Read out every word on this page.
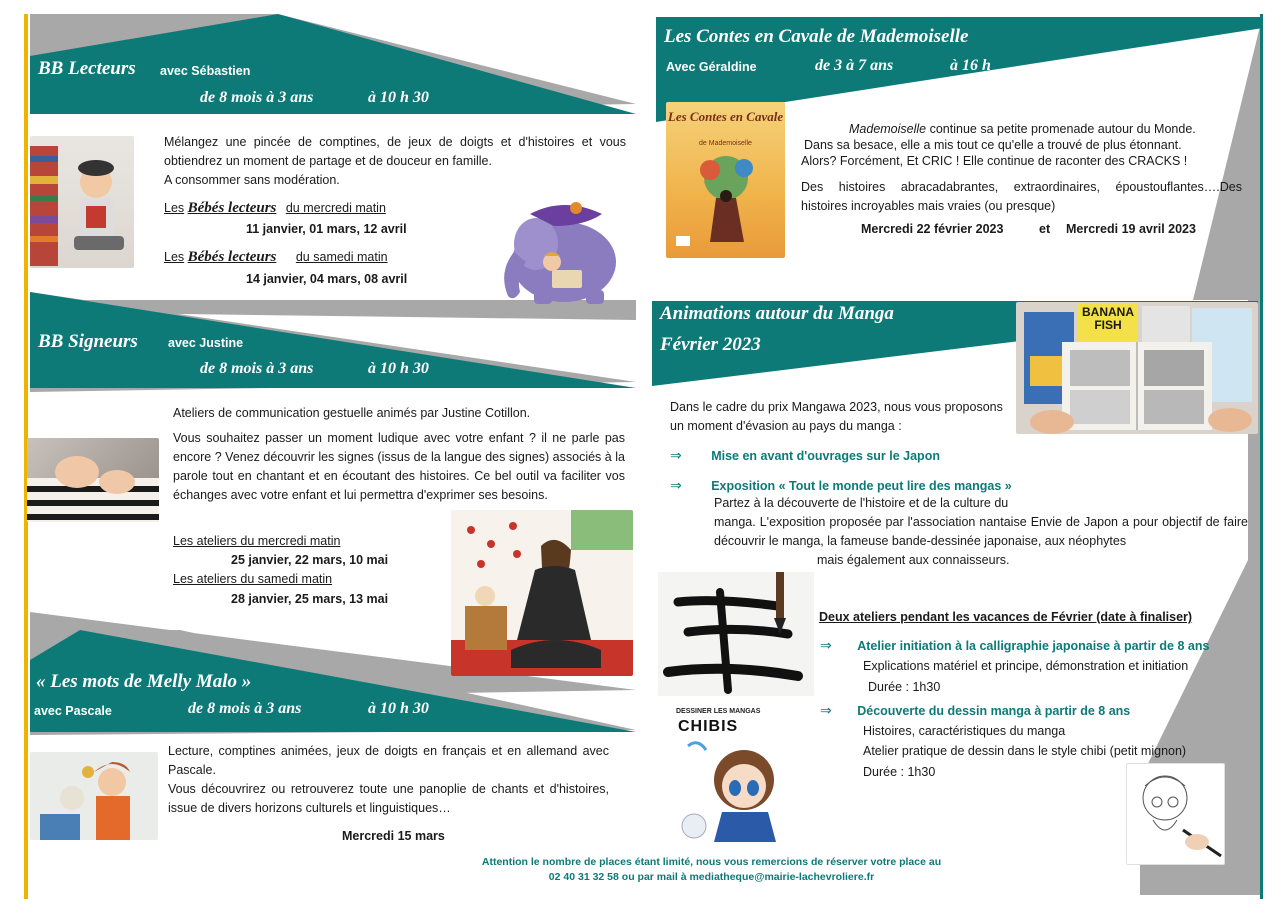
BB Lecteurs avec Sébastien
de 8 mois à 3 ans	à 10 h 30
Mélangez une pincée de comptines, de jeux de doigts et d'histoires et vous obtiendrez un moment de partage et de douceur en famille.
A consommer sans modération.
Les Bébés lecteurs du mercredi matin
11 janvier, 01 mars, 12 avril
Les Bébés lecteurs du samedi matin
14 janvier, 04 mars, 08 avril
BB Signeurs avec Justine
de 8 mois à 3 ans	à 10 h 30
Ateliers de communication gestuelle animés par Justine Cotillon.
Vous souhaitez passer un moment ludique avec votre enfant ? il ne parle pas encore ? Venez découvrir les signes (issus de la langue des signes) associés à la parole tout en chantant et en écoutant des histoires. Ce bel outil va faciliter vos échanges avec votre enfant et lui permettra d'exprimer ses besoins.
Les ateliers du mercredi matin
25 janvier, 22 mars, 10 mai
Les ateliers du samedi matin
28 janvier, 25 mars, 13 mai
« Les mots de Melly Malo »
avec Pascale	de 8 mois à 3 ans	à 10 h 30
Lecture, comptines animées, jeux de doigts en français et en allemand avec Pascale.
Vous découvrirez ou retrouverez toute une panoplie de chants et d'histoires, issue de divers horizons culturels et linguistiques…
Mercredi 15 mars
Les Contes en Cavale de Mademoiselle
Avec Géraldine	de 3 à 7 ans	à 16 h
Les Contes en Cavale
de Mademoiselle
Mademoiselle continue sa petite promenade autour du Monde.
Dans sa besace, elle a mis tout ce qu'elle a trouvé de plus étonnant.
Alors? Forcément, Et CRIC ! Elle continue de raconter des CRACKS !
Des histoires abracadabrantes, extraordinaires, époustouflantes….Des histoires incroyables mais vraies (ou presque)
Mercredi 22 février 2023	et Mercredi 19 avril 2023
Animations autour du Manga
Février 2023
BANANA FISH
Dans le cadre du prix Mangawa 2023, nous vous proposons un moment d'évasion au pays du manga :
⇒ Mise en avant d'ouvrages sur le Japon
⇒ Exposition « Tout le monde peut lire des mangas »
Partez à la découverte de l'histoire et de la culture du
manga. L'exposition proposée par l'association nantaise Envie de Japon a pour objectif de faire découvrir le manga, la fameuse bande-dessinée japonaise, aux néophytes
mais également aux connaisseurs.
Deux ateliers pendant les vacances de Février (date à finaliser)
⇒ Atelier initiation à la calligraphie japonaise à partir de 8 ans
Explications matériel et principe, démonstration et initiation
Durée : 1h30
⇒ Découverte du dessin manga à partir de 8 ans
Histoires, caractéristiques du manga
Atelier pratique de dessin dans le style chibi (petit mignon)
Durée : 1h30
DESSINER LES MANGAS
CHIBIS
Attention le nombre de places étant limité, nous vous remercions de réserver votre place au
02 40 31 32 58 ou par mail à mediatheque@mairie-lachevroliere.fr
